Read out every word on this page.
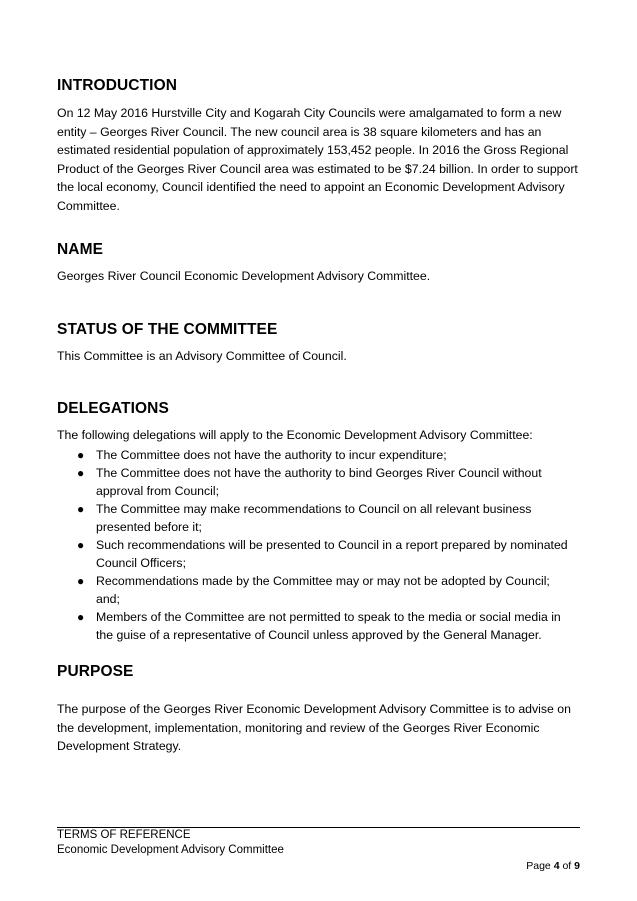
INTRODUCTION

On 12 May 2016 Hurstville City and Kogarah City Councils were amalgamated to form a new entity – Georges River Council. The new council area is 38 square kilometers and has an estimated residential population of approximately 153,452 people. In 2016 the Gross Regional Product of the Georges River Council area was estimated to be $7.24 billion. In order to support the local economy, Council identified the need to appoint an Economic Development Advisory Committee.

NAME

Georges River Council Economic Development Advisory Committee.

STATUS OF THE COMMITTEE

This Committee is an Advisory Committee of Council.

DELEGATIONS

The following delegations will apply to the Economic Development Advisory Committee:

● The Committee does not have the authority to incur expenditure;
● The Committee does not have the authority to bind Georges River Council without approval from Council;
● The Committee may make recommendations to Council on all relevant business presented before it;
● Such recommendations will be presented to Council in a report prepared by nominated Council Officers;
● Recommendations made by the Committee may or may not be adopted by Council; and;
● Members of the Committee are not permitted to speak to the media or social media in the guise of a representative of Council unless approved by the General Manager.
PURPOSE

The purpose of the Georges River Economic Development Advisory Committee is to advise on the development, implementation, monitoring and review of the Georges River Economic Development Strategy.

TERMS OF REFERENCE
Economic Development Advisory Committee
Page 4 of 9
